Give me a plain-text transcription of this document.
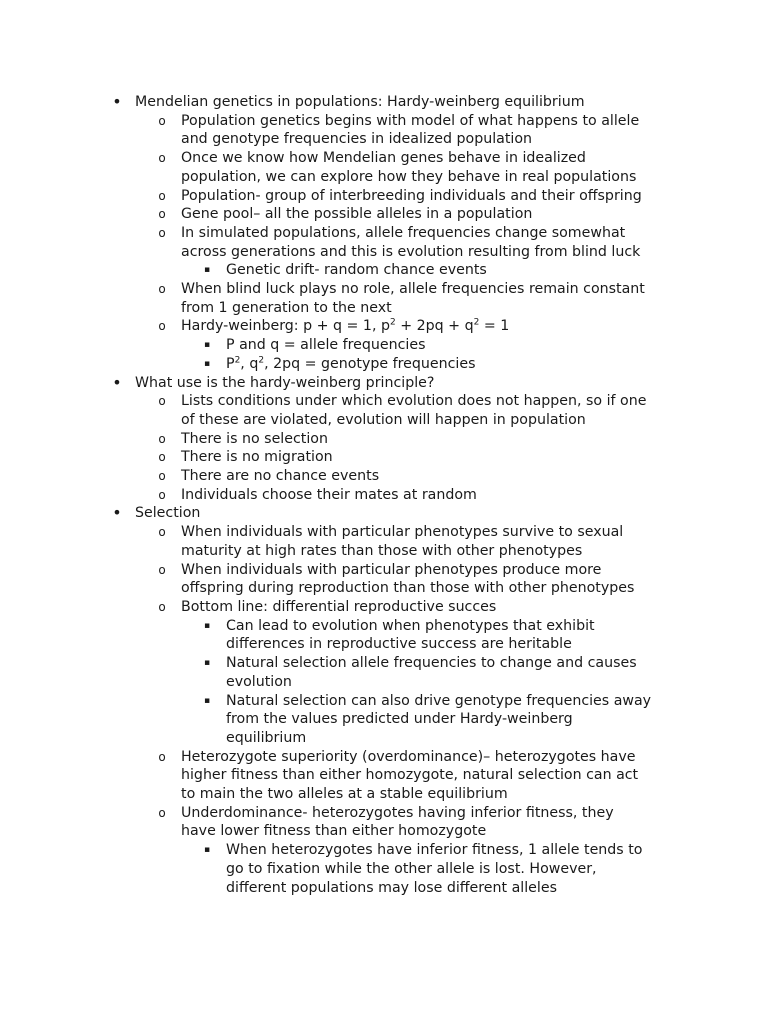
• Mendelian genetics in populations: Hardy-weinberg equilibrium
o Population genetics begins with model of what happens to allele
and genotype frequencies in idealized population
o Once we know how Mendelian genes behave in idealized
population, we can explore how they behave in real populations
o Population- group of interbreeding individuals and their offspring
o Gene pool– all the possible alleles in a population
o In simulated populations, allele frequencies change somewhat
across generations and this is evolution resulting from blind luck
▪ Genetic drift- random chance events
o When blind luck plays no role, allele frequencies remain constant
from 1 generation to the next
o Hardy-weinberg: p + q = 1, $p^2 + 2pq + q^2 = 1$
▪ P and q = allele frequencies
▪ $P^2$, $q^2$, 2pq = genotype frequencies
• What use is the hardy-weinberg principle?
o Lists conditions under which evolution does not happen, so if one
of these are violated, evolution will happen in population
o There is no selection
o There is no migration
o There are no chance events
o Individuals choose their mates at random
• Selection
o When individuals with particular phenotypes survive to sexual
maturity at high rates than those with other phenotypes
o When individuals with particular phenotypes produce more
offspring during reproduction than those with other phenotypes
o Bottom line: differential reproductive succes
▪ Can lead to evolution when phenotypes that exhibit
differences in reproductive success are heritable
▪ Natural selection allele frequencies to change and causes
evolution
▪ Natural selection can also drive genotype frequencies away
from the values predicted under Hardy-weinberg
equilibrium
o Heterozygote superiority (overdominance)– heterozygotes have
higher fitness than either homozygote, natural selection can act
to main the two alleles at a stable equilibrium
o Underdominance- heterozygotes having inferior fitness, they
have lower fitness than either homozygote
▪ When heterozygotes have inferior fitness, 1 allele tends to
go to fixation while the other allele is lost. However,
different populations may lose different alleles
